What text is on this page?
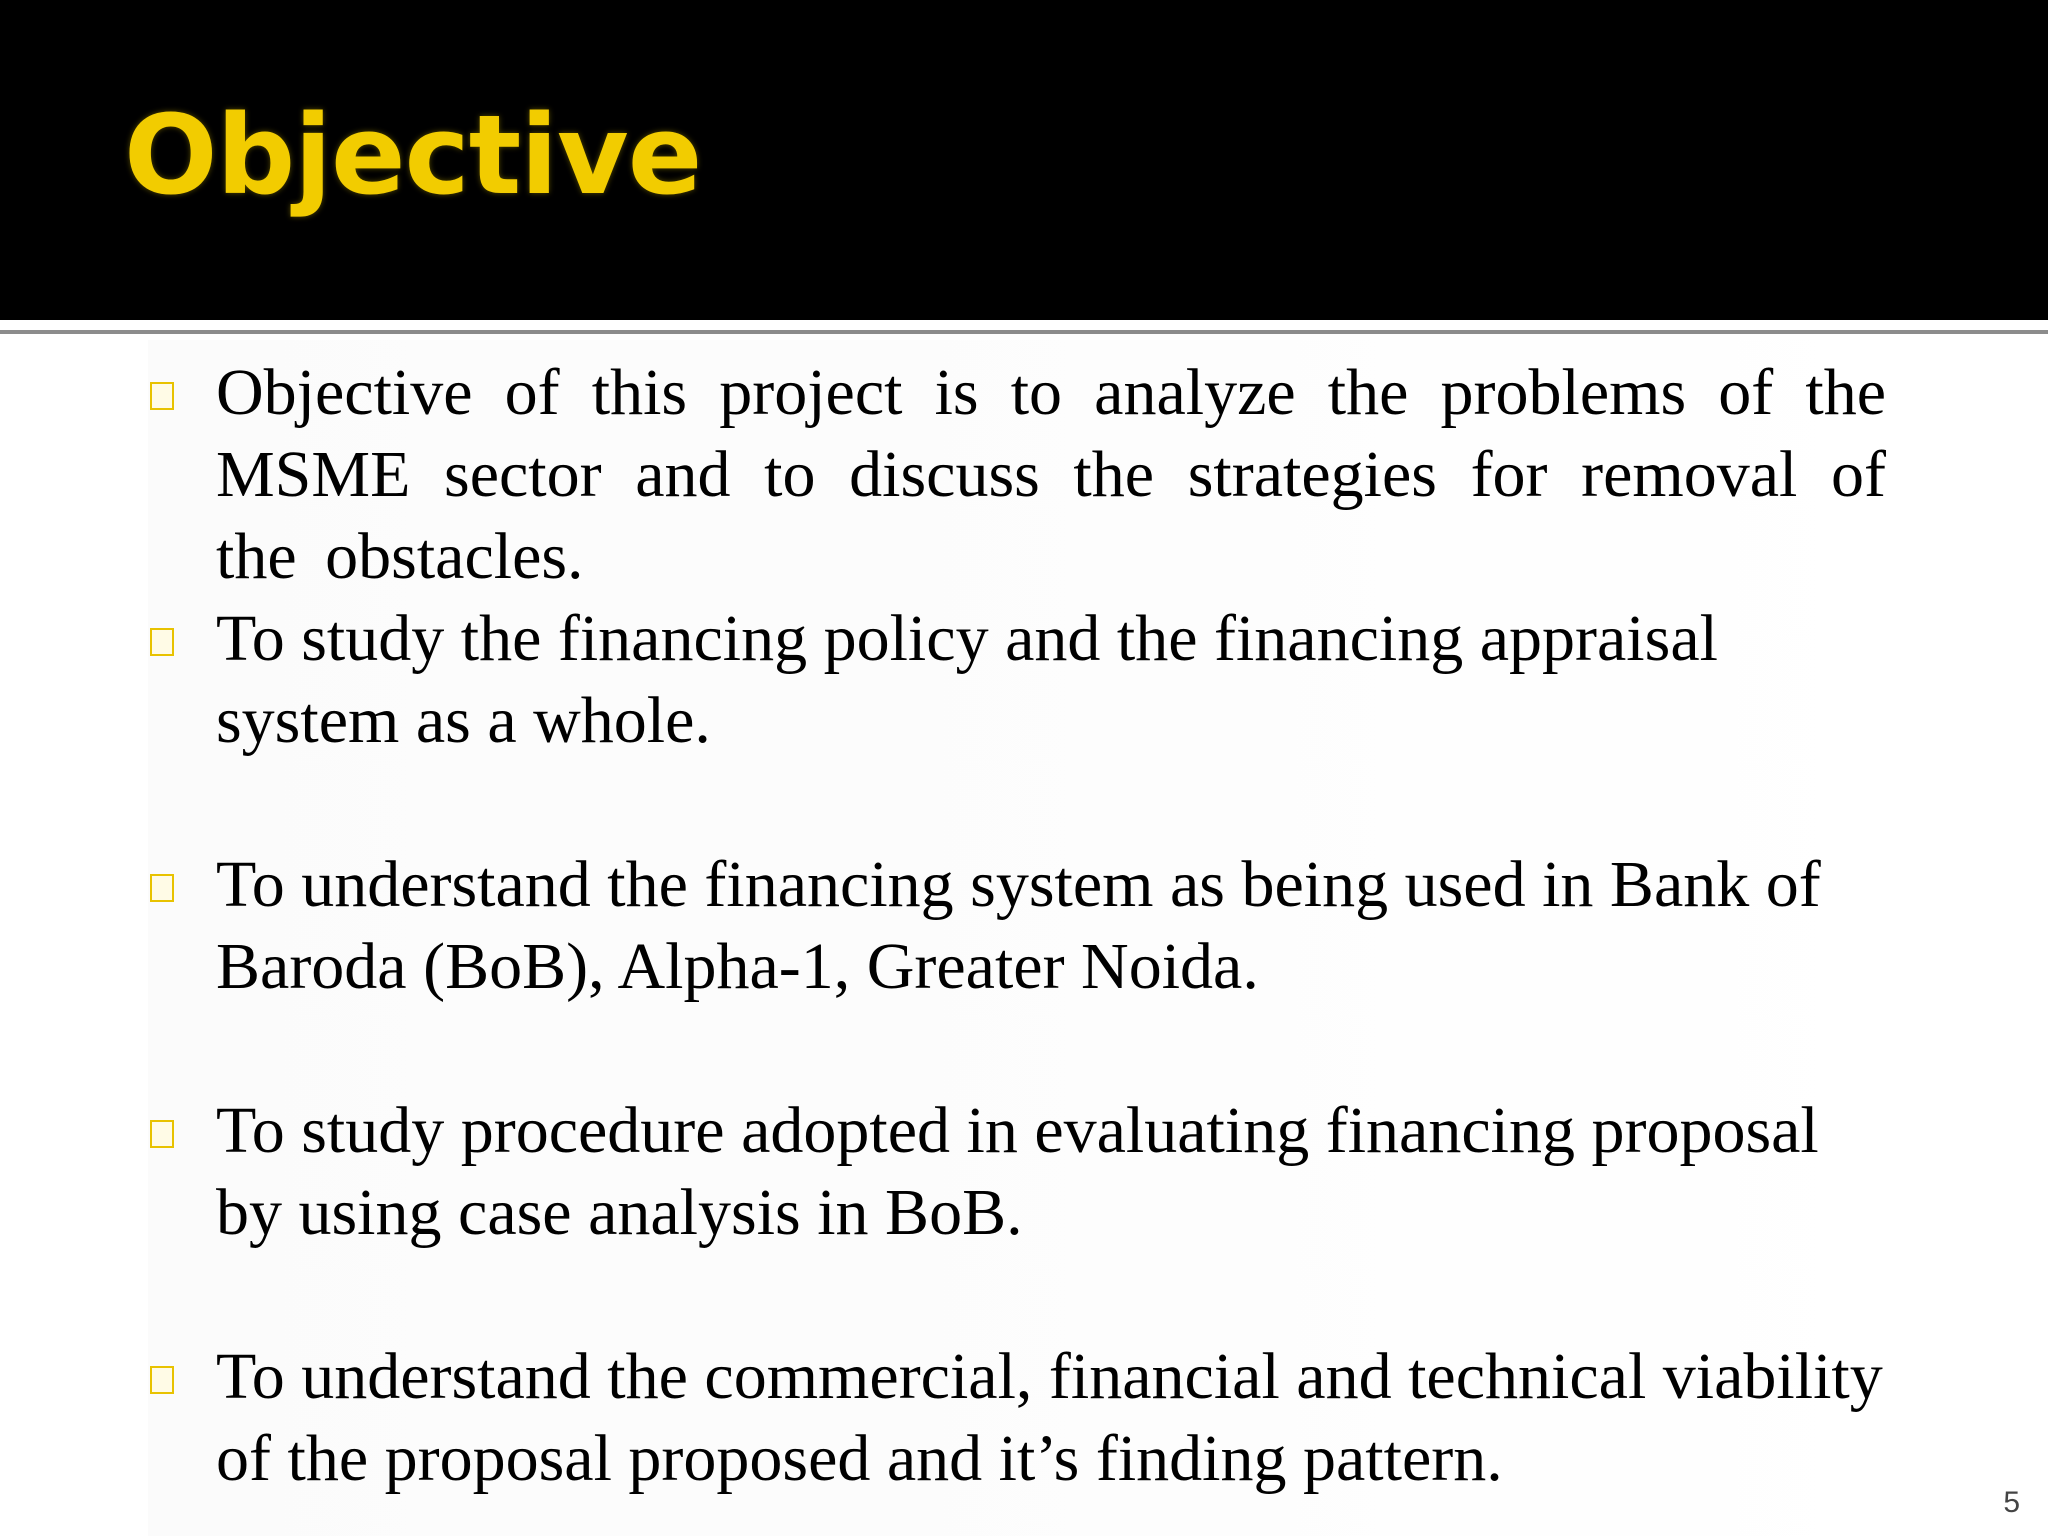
Objective
Objective of this project is to analyze the problems of the MSME sector and to discuss the strategies for removal of the obstacles.
To study the financing policy and the financing appraisal system as a whole.
To understand the financing system as being used in Bank of Baroda (BoB), Alpha-1, Greater Noida.
To study procedure adopted in evaluating financing proposal by using case analysis in BoB.
To understand the commercial, financial and technical viability of the proposal proposed and it’s finding pattern.
5
